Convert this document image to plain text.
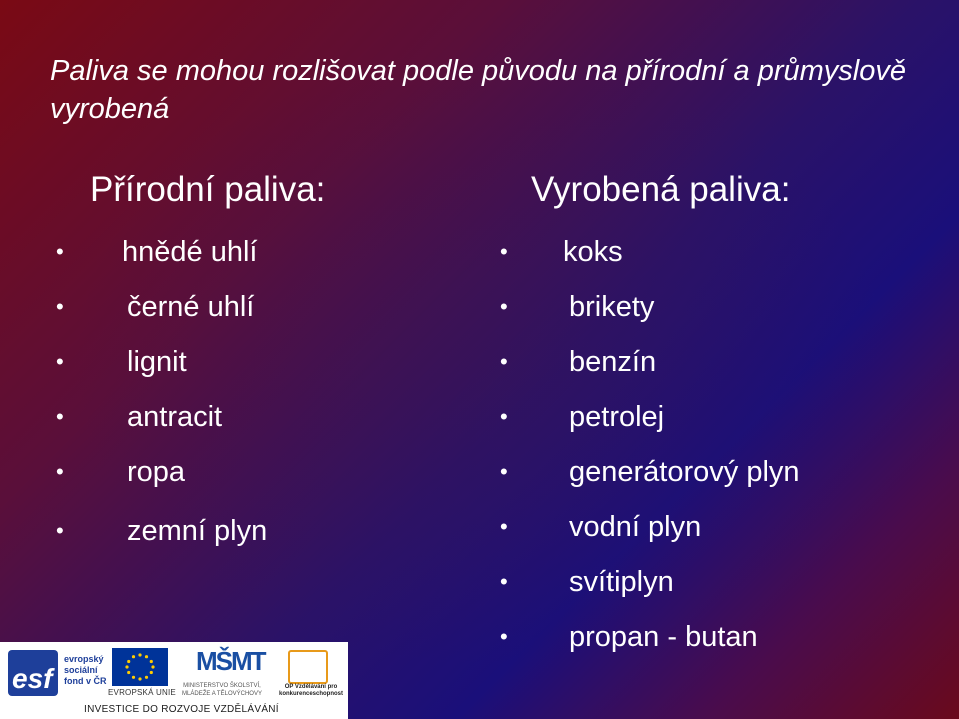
Paliva se mohou rozlišovat podle původu na přírodní a průmyslově vyrobená
Přírodní paliva:	Vyrobená paliva:
• hnědé uhlí
• černé uhlí
• lignit
• antracit
• ropa
• zemní plyn
• koks
• brikety
• benzín
• petrolej
• generátorový plyn
• vodní plyn
• svítiplyn
• propan - butan
esf
evropský sociální fond v ČR
EVROPSKÁ UNIE
MŠMT
MINISTERSTVO ŠKOLSTVÍ, MLÁDEŽE A TĚLOVÝCHOVY
OP Vzdělávání pro konkurenceschopnost
INVESTICE DO ROZVOJE VZDĚLÁVÁNÍ
